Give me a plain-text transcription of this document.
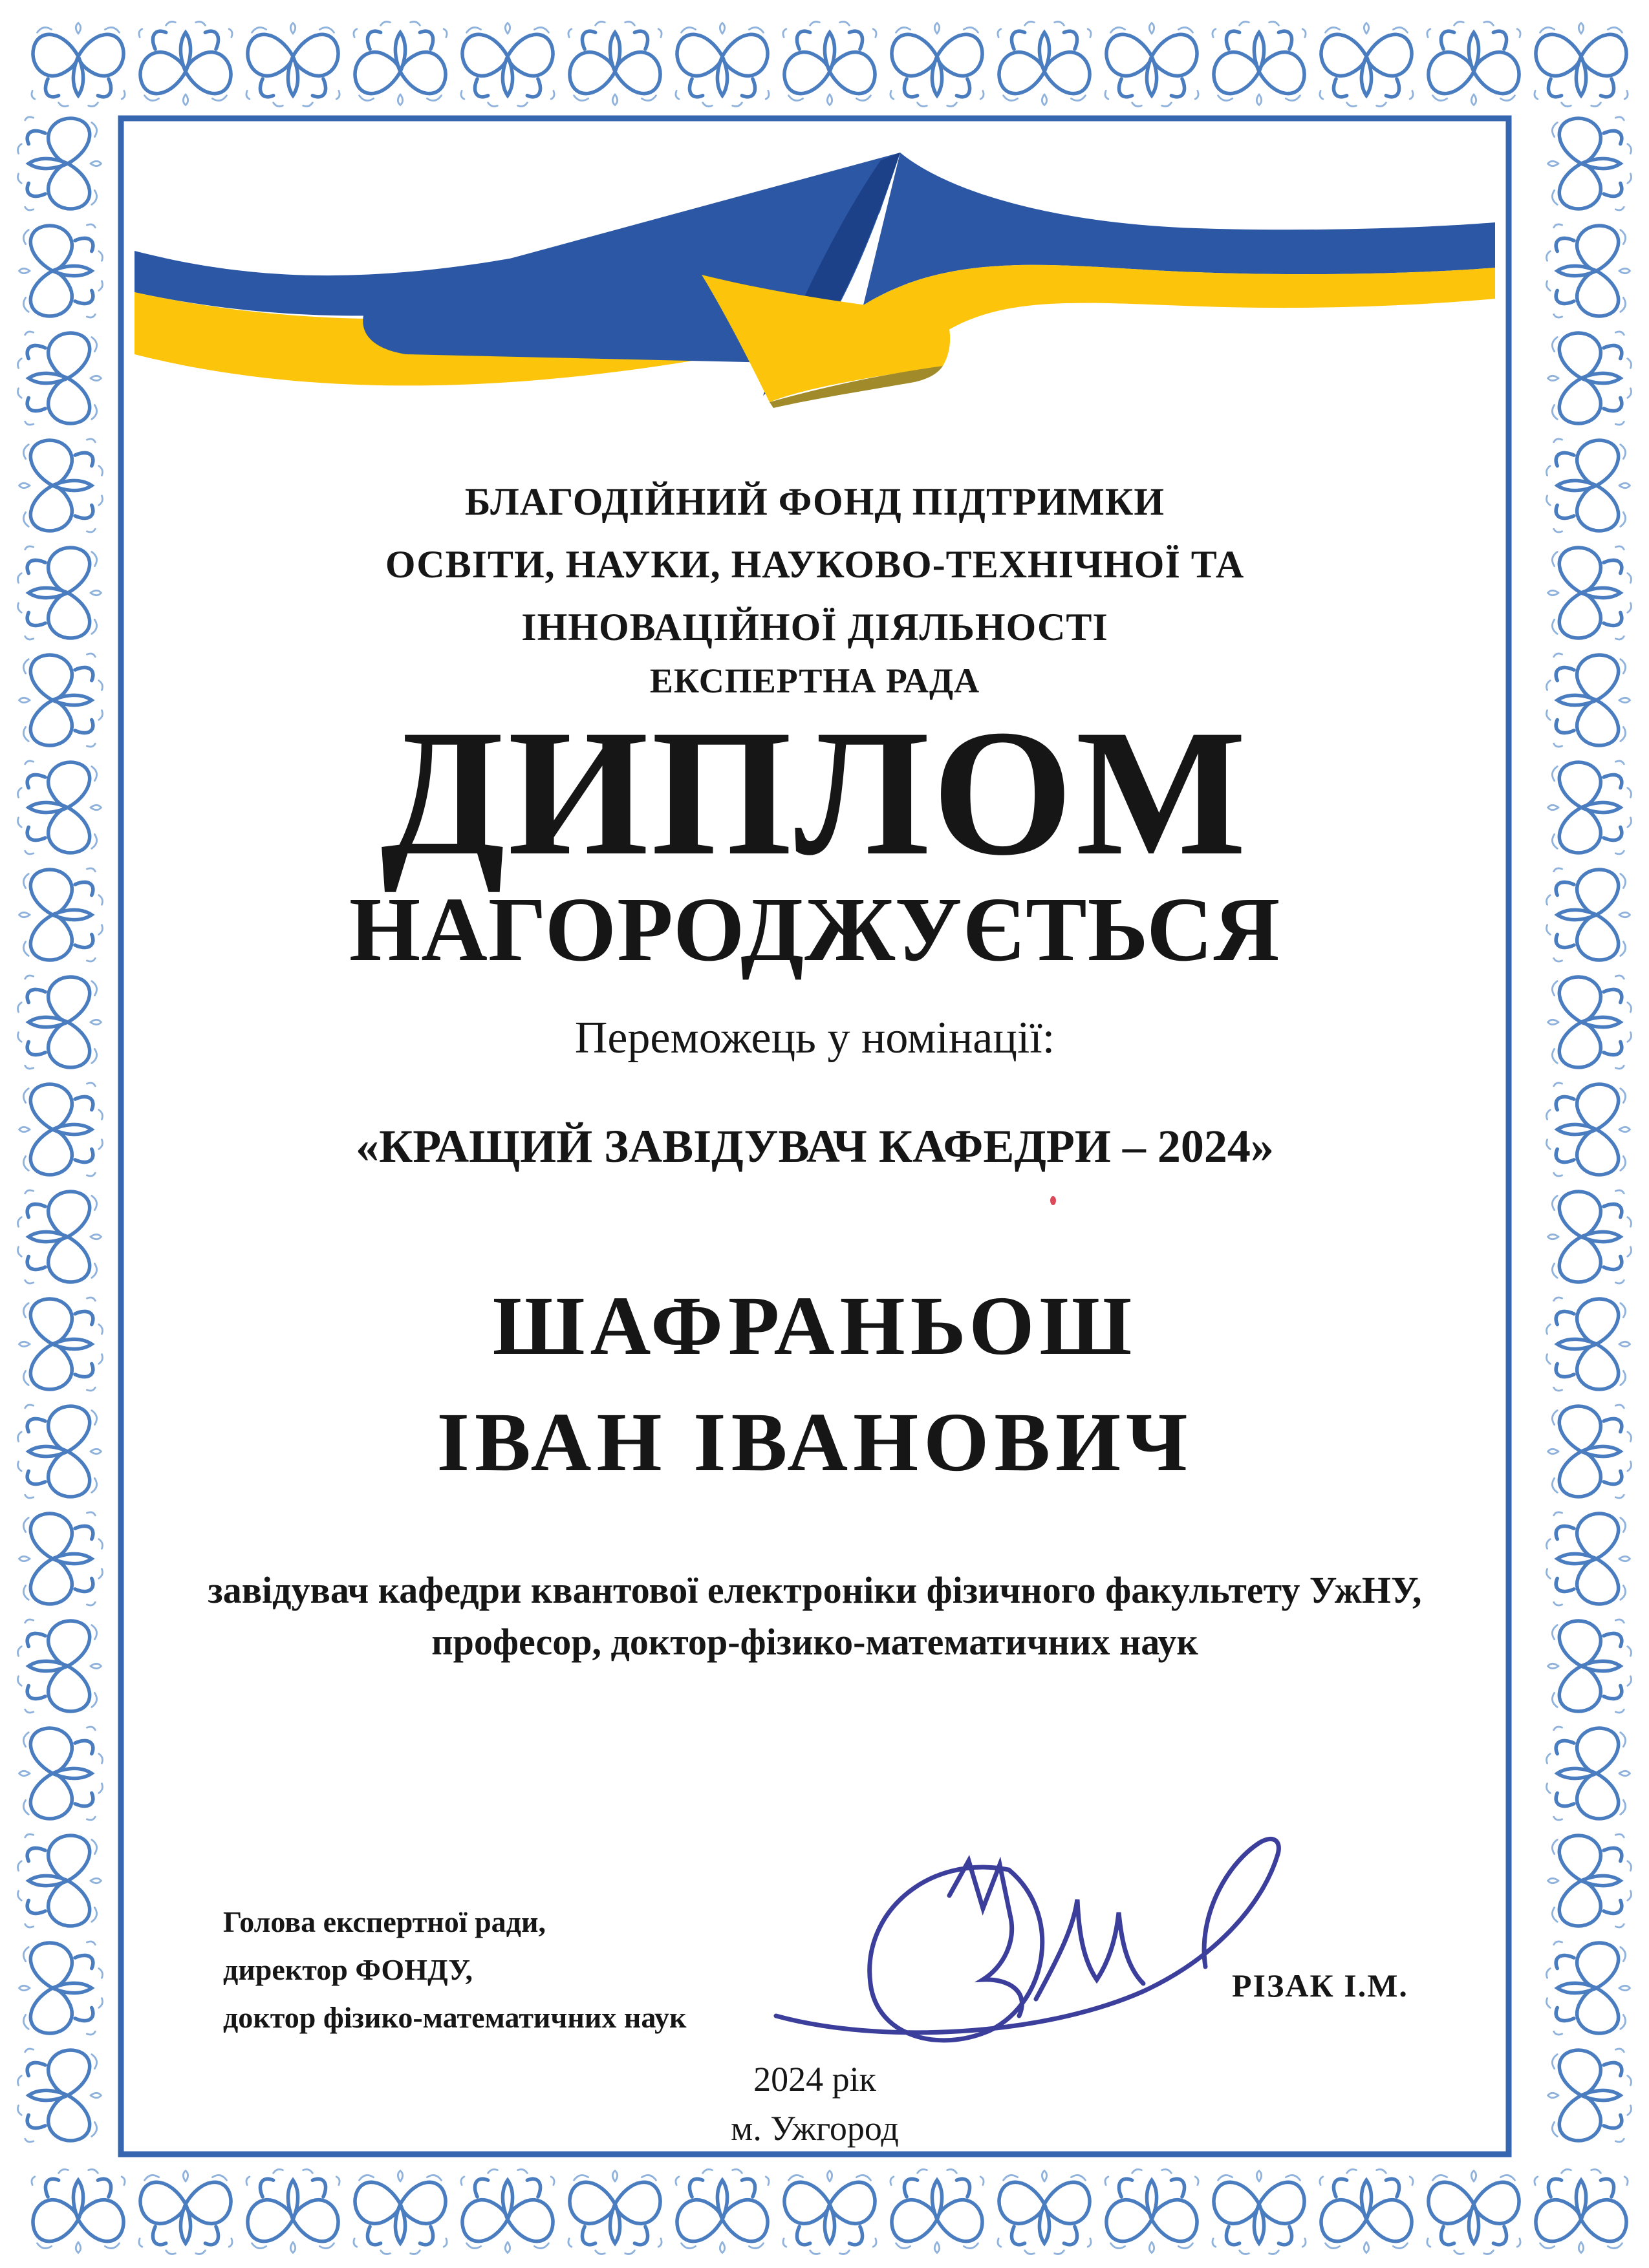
БЛАГОДІЙНИЙ ФОНД ПІДТРИМКИ
ОСВІТИ, НАУКИ, НАУКОВО-ТЕХНІЧНОЇ ТА
ІННОВАЦІЙНОЇ ДІЯЛЬНОСТІ
ЕКСПЕРТНА РАДА
ДИПЛОМ
НАГОРОДЖУЄТЬСЯ
Переможець у номінації:
«КРАЩИЙ ЗАВІДУВАЧ КАФЕДРИ – 2024»
ШАФРАНЬОШ
ІВАН ІВАНОВИЧ
завідувач кафедри квантової електроніки фізичного факультету УжНУ,
професор, доктор-фізико-математичних наук
Голова експертної ради,
директор ФОНДУ,
доктор фізико-математичних наук
РІЗАК І.М.
2024 рік
м. Ужгород
